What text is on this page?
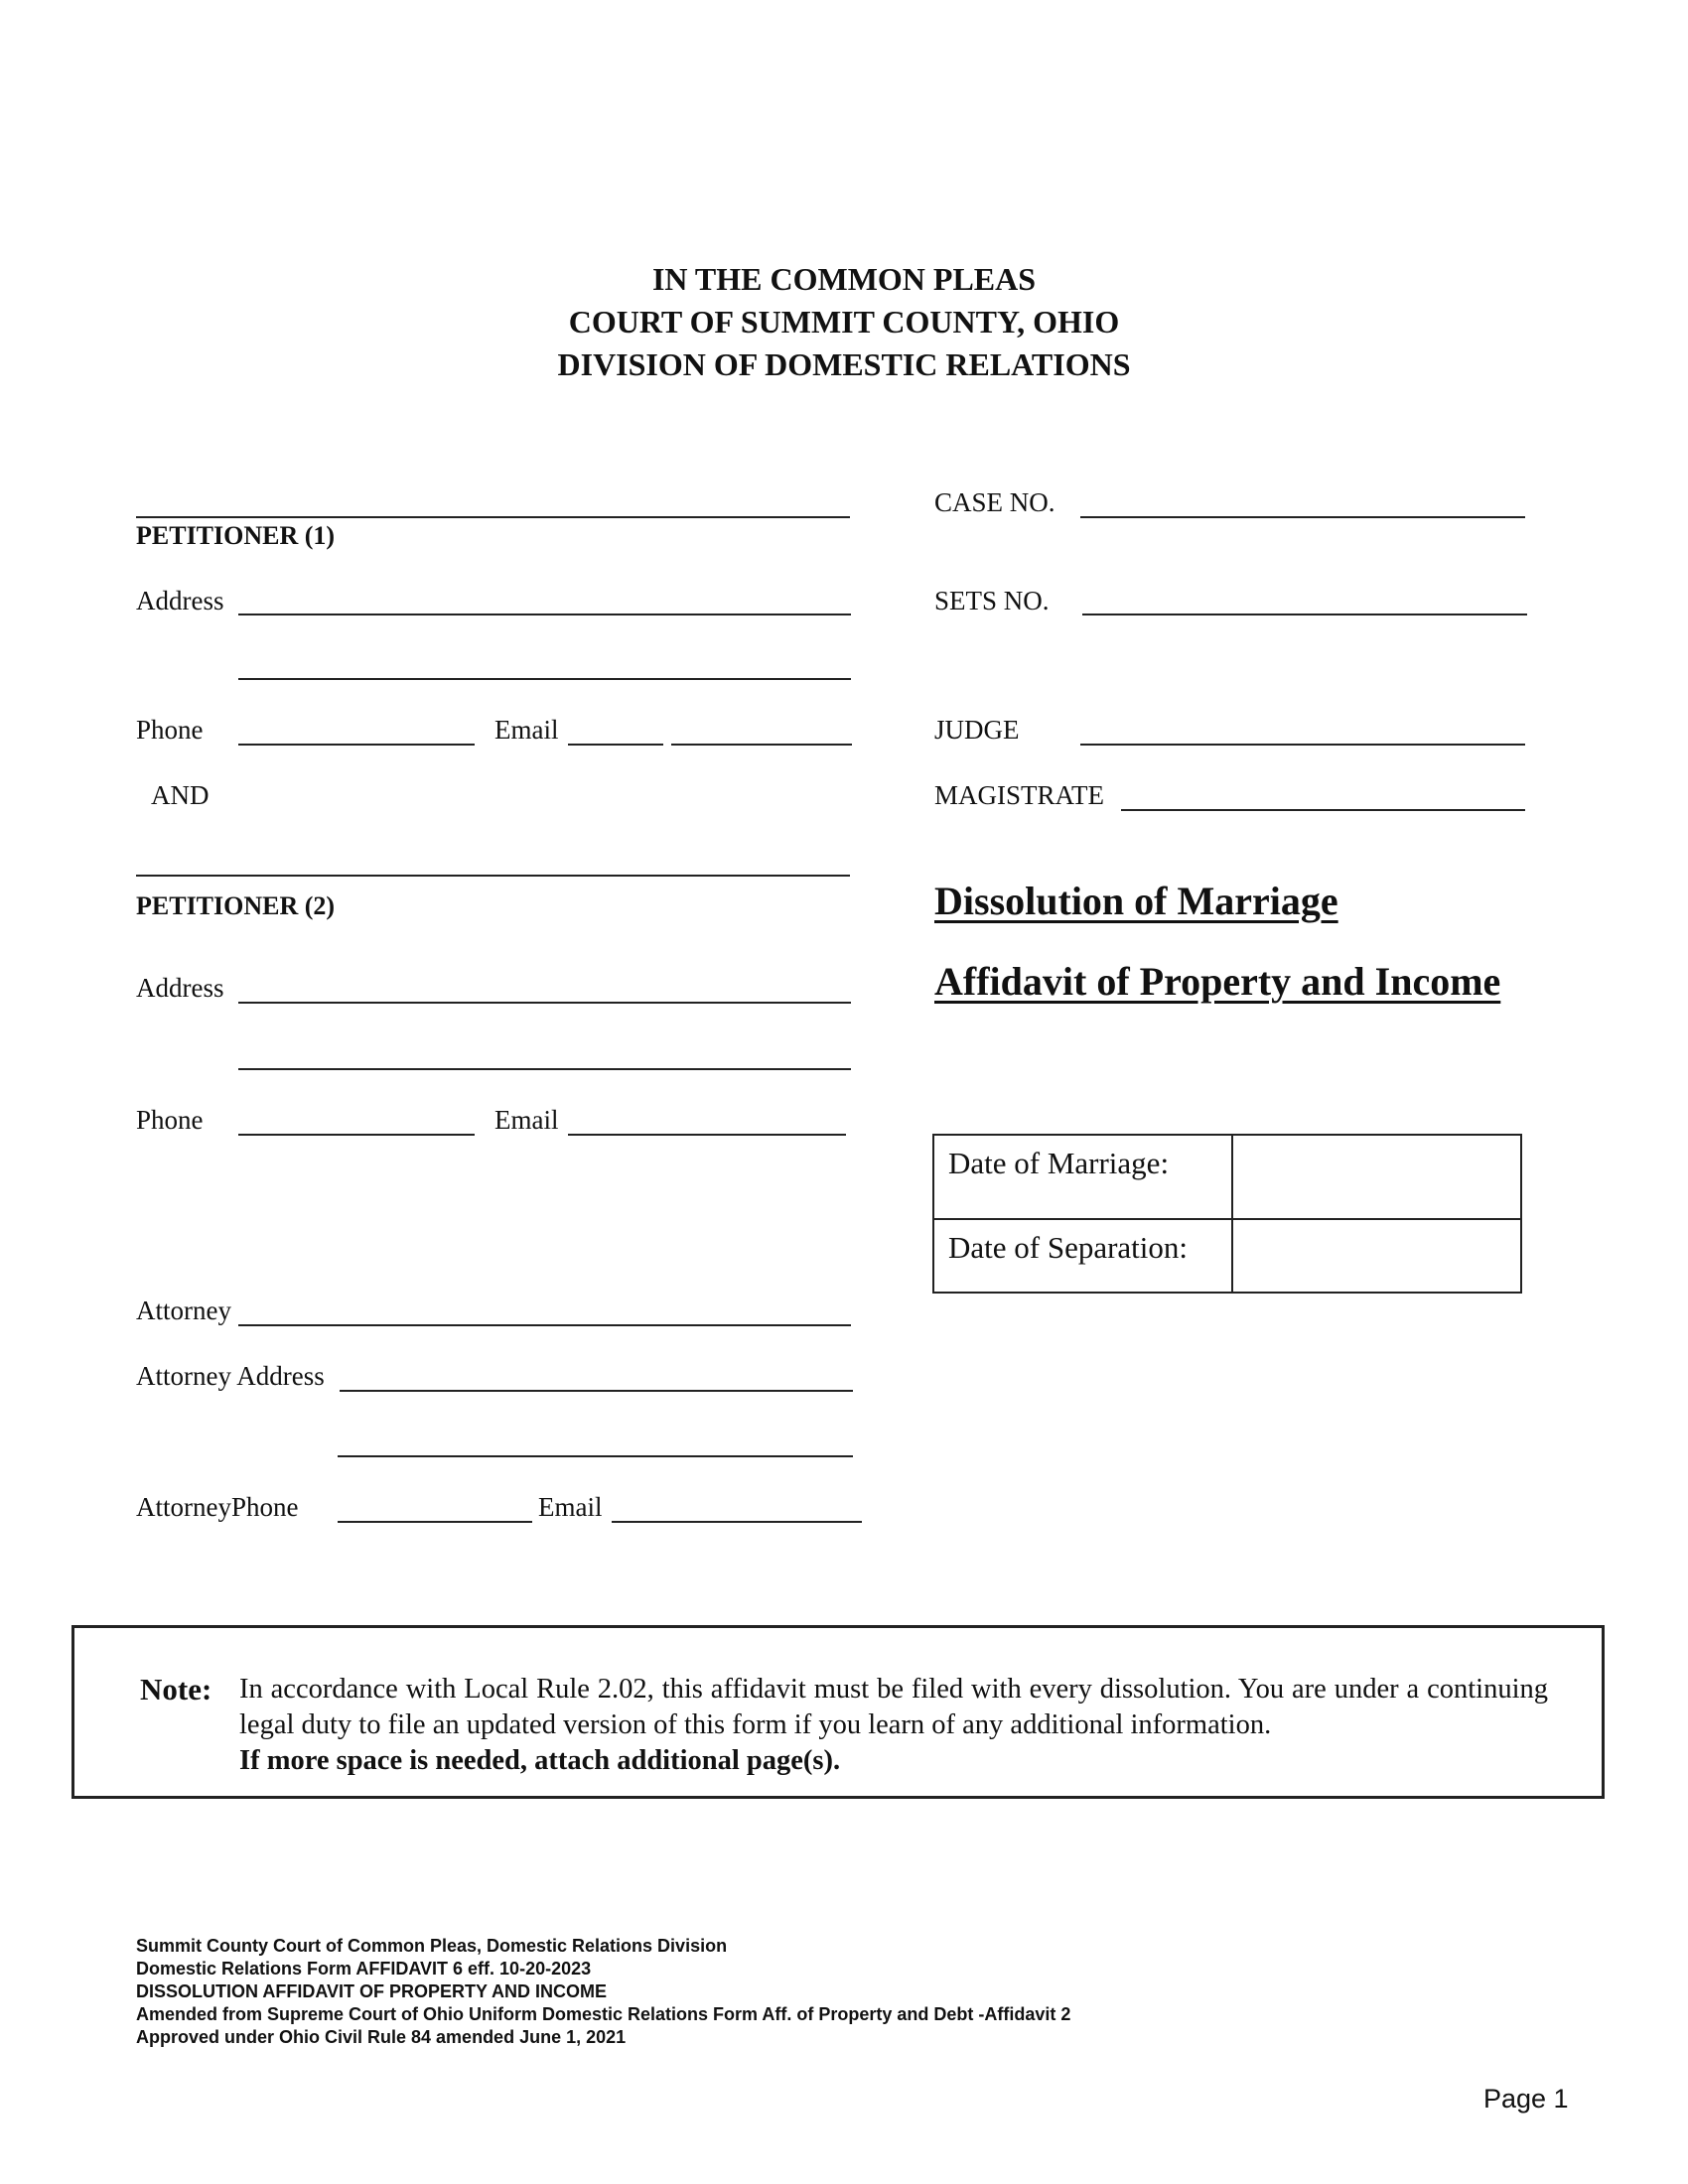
IN THE COMMON PLEAS
COURT OF SUMMIT COUNTY, OHIO
DIVISION OF DOMESTIC RELATIONS
PETITIONER (1)
Address
Phone	Email
AND
PETITIONER (2)
Address
Phone	Email
Attorney
Attorney Address
AttorneyPhone	Email
CASE NO.
SETS NO.
JUDGE
MAGISTRATE
Dissolution of Marriage
Affidavit of Property and Income
Date of Marriage:	
Date of Separation:	
Note: In accordance with Local Rule 2.02, this affidavit must be filed with every dissolution. You are under a continuing legal duty to file an updated version of this form if you learn of any additional information.
If more space is needed, attach additional page(s).
Summit County Court of Common Pleas, Domestic Relations Division
Domestic Relations Form AFFIDAVIT 6 eff. 10-20-2023
DISSOLUTION AFFIDAVIT OF PROPERTY AND INCOME
Amended from Supreme Court of Ohio Uniform Domestic Relations Form Aff. of Property and Debt -Affidavit 2
Approved under Ohio Civil Rule 84 amended June 1, 2021
Page 1
